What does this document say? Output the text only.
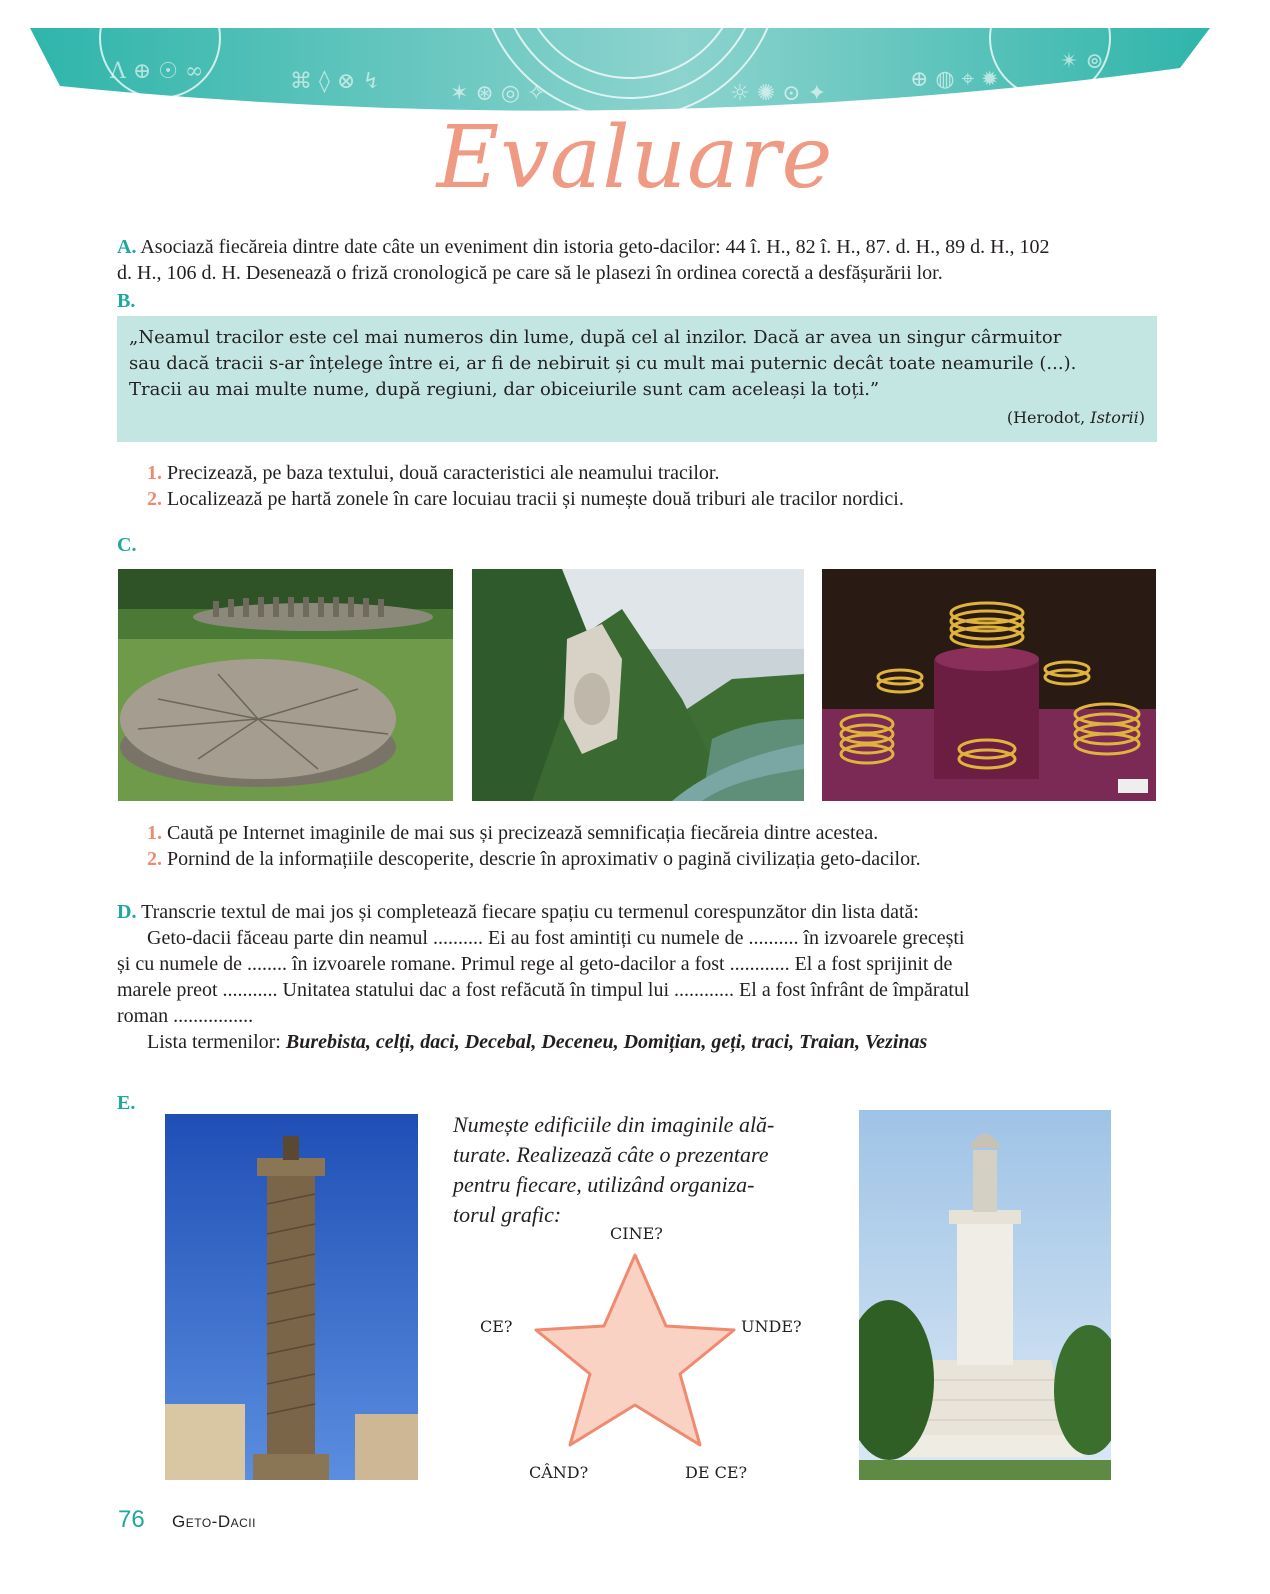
Ʌ ⊕ ☉ ∞	⌘ ◊ ⊗ ↯	✶ ⊛ ◎ ✧	☼ ✺ ⊙ ✦
⊕ ◍ ⌖ ✹
✴ ⊚
Evaluare
A. Asociază fiecăreia dintre date câte un eveniment din istoria geto-dacilor: 44 î. H., 82 î. H., 87. d. H., 89 d. H., 102
d. H., 106 d. H. Desenează o friză cronologică pe care să le plasezi în ordinea corectă a desfășurării lor.
B.
„Neamul tracilor este cel mai numeros din lume, după cel al inzilor. Dacă ar avea un singur cârmuitor
sau dacă tracii s-ar înțelege între ei, ar fi de nebiruit și cu mult mai puternic decât toate neamurile (...).
Tracii au mai multe nume, după regiuni, dar obiceiurile sunt cam aceleași la toți.”
(Herodot, Istorii)
1. Precizează, pe baza textului, două caracteristici ale neamului tracilor.
2. Localizează pe hartă zonele în care locuiau tracii și numește două triburi ale tracilor nordici.
C.
1. Caută pe Internet imaginile de mai sus și precizează semnificația fiecăreia dintre acestea.
2. Pornind de la informațiile descoperite, descrie în aproximativ o pagină civilizația geto-dacilor.
D. Transcrie textul de mai jos și completează fiecare spațiu cu termenul corespunzător din lista dată:
Geto-dacii făceau parte din neamul .......... Ei au fost amintiți cu numele de .......... în izvoarele grecești
și cu numele de ........ în izvoarele romane. Primul rege al geto-dacilor a fost ............ El a fost sprijinit de
marele preot ........... Unitatea statului dac a fost refăcută în timpul lui ............ El a fost înfrânt de împăratul
roman ................
Lista termenilor: Burebista, celți, daci, Decebal, Deceneu, Domițian, geți, traci, Traian, Vezinas
E.
Numește edificiile din imaginile ală-
turate. Realizează câte o prezentare
pentru fiecare, utilizând organiza-
torul grafic:
CINE?
CE?	UNDE?
CÂND?	DE CE?
76 Geto-Dacii
